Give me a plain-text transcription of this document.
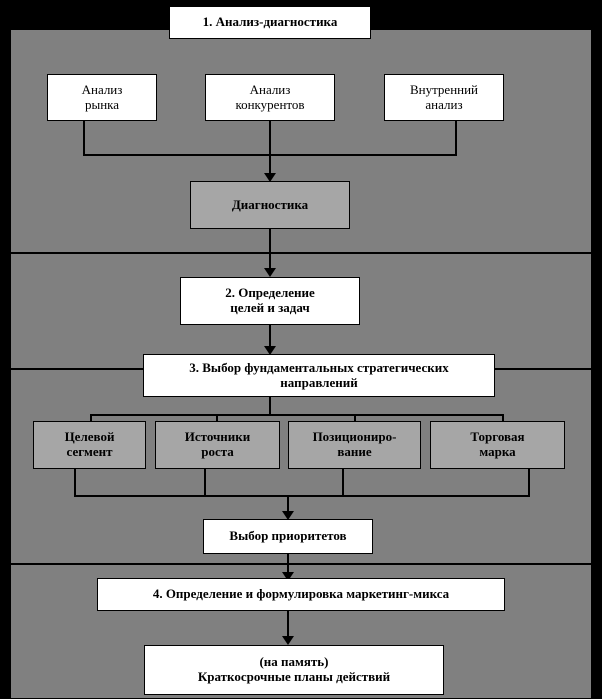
1. Анализ-диагностика
Анализ
рынка
Анализ
конкурентов
Внутренний
анализ
Диагностика
2. Определение
целей и задач
3. Выбор фундаментальных стратегических
направлений
Целевой
сегмент
Источники
роста
Позициониро-
вание
Торговая
марка
Выбор приоритетов
4. Определение и формулировка маркетинг-микса
(на память)
Краткосрочные планы действий
